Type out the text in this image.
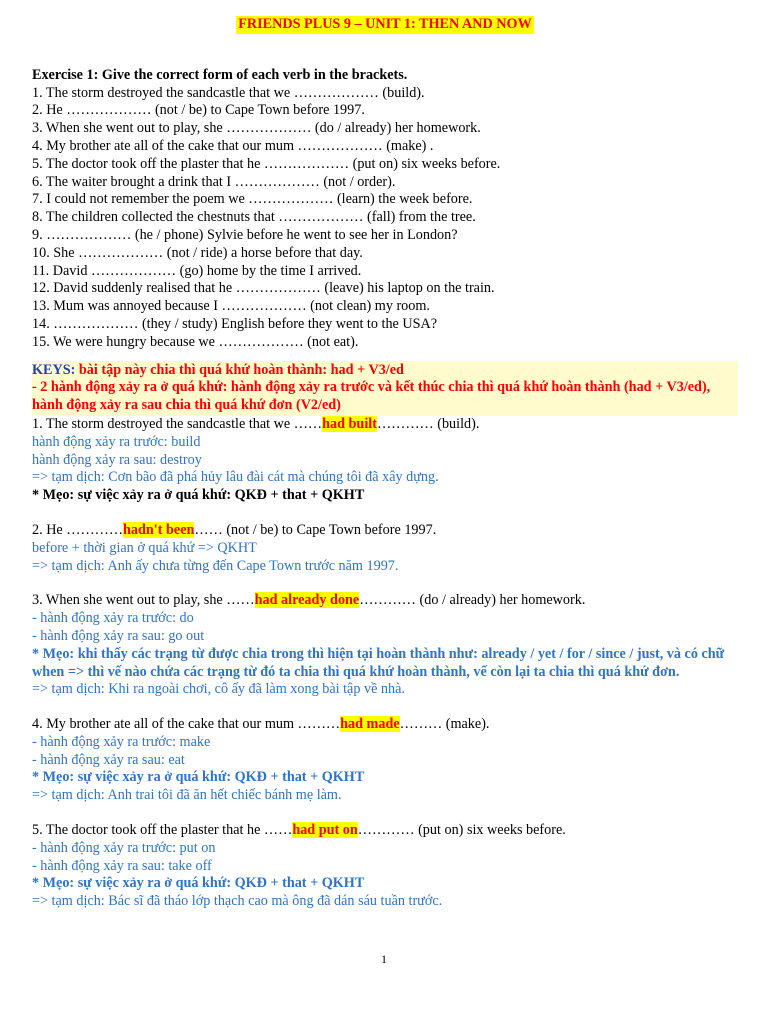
FRIENDS PLUS 9 – UNIT 1: THEN AND NOW
Exercise 1: Give the correct form of each verb in the brackets.
1. The storm destroyed the sandcastle that we ……………… (build).
2. He ……………… (not / be) to Cape Town before 1997.
3. When she went out to play, she ……………… (do / already) her homework.
4. My brother ate all of the cake that our mum ……………… (make) .
5. The doctor took off the plaster that he ……………… (put on) six weeks before.
6. The waiter brought a drink that I ……………… (not / order).
7. I could not remember the poem we ……………… (learn) the week before.
8. The children collected the chestnuts that ……………… (fall) from the tree.
9. ……………… (he / phone) Sylvie before he went to see her in London?
10. She ……………… (not / ride) a horse before that day.
11. David ……………… (go) home by the time I arrived.
12. David suddenly realised that he ……………… (leave) his laptop on the train.
13. Mum was annoyed because I ……………… (not clean) my room.
14. ……………… (they / study) English before they went to the USA?
15. We were hungry because we ……………… (not eat).
KEYS: bài tập này chia thì quá khứ hoàn thành: had + V3/ed
- 2 hành động xảy ra ở quá khứ: hành động xảy ra trước và kết thúc chia thì quá khứ hoàn thành (had + V3/ed), hành động xảy ra sau chia thì quá khứ đơn (V2/ed)
1. The storm destroyed the sandcastle that we ……had built………… (build).
hành động xảy ra trước: build
hành động xảy ra sau: destroy
=> tạm dịch: Cơn bão đã phá hủy lâu đài cát mà chúng tôi đã xây dựng.
* Mẹo: sự việc xảy ra ở quá khứ: QKĐ + that + QKHT
2. He …………hadn't been…… (not / be) to Cape Town before 1997.
before + thời gian ở quá khứ => QKHT
=> tạm dịch: Anh ấy chưa từng đến Cape Town trước năm 1997.
3. When she went out to play, she ……had already done………… (do / already) her homework.
- hành động xảy ra trước: do
- hành động xảy ra sau: go out
* Mẹo: khi thấy các trạng từ được chia trong thì hiện tại hoàn thành như: already / yet / for / since / just, và có chữ when => thì vế nào chứa các trạng từ đó ta chia thì quá khứ hoàn thành, vế còn lại ta chia thì quá khứ đơn.
=> tạm dịch: Khi ra ngoài chơi, cô ấy đã làm xong bài tập về nhà.
4. My brother ate all of the cake that our mum ………had made……… (make).
- hành động xảy ra trước: make
- hành động xảy ra sau: eat
* Mẹo: sự việc xảy ra ở quá khứ: QKĐ + that + QKHT
=> tạm dịch: Anh trai tôi đã ăn hết chiếc bánh mẹ làm.
5. The doctor took off the plaster that he ……had put on………… (put on) six weeks before.
- hành động xảy ra trước: put on
- hành động xảy ra sau: take off
* Mẹo: sự việc xảy ra ở quá khứ: QKĐ + that + QKHT
=> tạm dịch: Bác sĩ đã tháo lớp thạch cao mà ông đã dán sáu tuần trước.
1
